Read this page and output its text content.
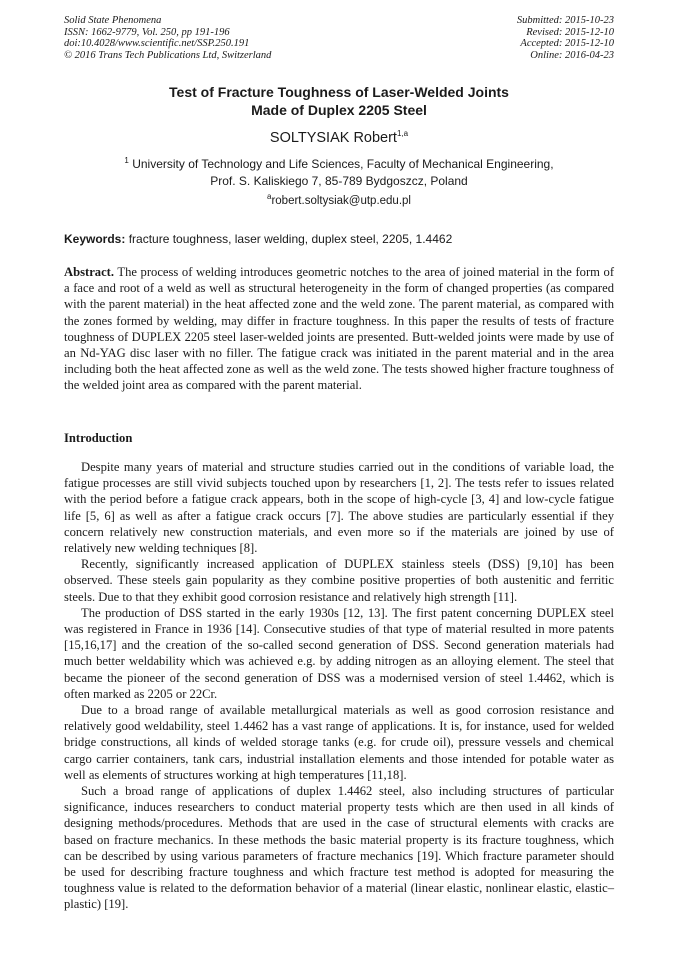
Solid State Phenomena
ISSN: 1662-9779, Vol. 250, pp 191-196
doi:10.4028/www.scientific.net/SSP.250.191
© 2016 Trans Tech Publications Ltd, Switzerland
Submitted: 2015-10-23
Revised: 2015-12-10
Accepted: 2015-12-10
Online: 2016-04-23
Test of Fracture Toughness of Laser-Welded Joints
Made of Duplex 2205 Steel
SOLTYSIAK Robert$^{1,a}$
$^1$ University of Technology and Life Sciences, Faculty of Mechanical Engineering,
Prof. S. Kaliskiego 7, 85-789 Bydgoszcz, Poland
$^a$robert.soltysiak@utp.edu.pl
Keywords: fracture toughness, laser welding, duplex steel, 2205, 1.4462

Abstract. The process of welding introduces geometric notches to the area of joined material in the form of a face and root of a weld as well as structural heterogeneity in the form of changed properties (as compared with the parent material) in the heat affected zone and the weld zone. The parent material, as compared with the zones formed by welding, may differ in fracture toughness. In this paper the results of tests of fracture toughness of DUPLEX 2205 steel laser-welded joints are presented. Butt-welded joints were made by use of an Nd-YAG disc laser with no filler. The fatigue crack was initiated in the parent material and in the area including both the heat affected zone as well as the weld zone. The tests showed higher fracture toughness of the welded joint area as compared with the parent material.

Introduction

Despite many years of material and structure studies carried out in the conditions of variable load, the fatigue processes are still vivid subjects touched upon by researchers [1, 2]. The tests refer to issues related with the period before a fatigue crack appears, both in the scope of high-cycle [3, 4] and low-cycle fatigue life [5, 6] as well as after a fatigue crack occurs [7]. The above studies are particularly essential if they concern relatively new construction materials, and even more so if the materials are joined by use of relatively new welding techniques [8].

Recently, significantly increased application of DUPLEX stainless steels (DSS) [9,10] has been observed. These steels gain popularity as they combine positive properties of both austenitic and ferritic steels. Due to that they exhibit good corrosion resistance and relatively high strength [11].

The production of DSS started in the early 1930s [12, 13]. The first patent concerning DUPLEX steel was registered in France in 1936 [14]. Consecutive studies of that type of material resulted in more patents [15,16,17] and the creation of the so-called second generation of DSS. Second generation materials had much better weldability which was achieved e.g. by adding nitrogen as an alloying element. The steel that became the pioneer of the second generation of DSS was a modernised version of steel 1.4462, which is often marked as 2205 or 22Cr.

Due to a broad range of available metallurgical materials as well as good corrosion resistance and relatively good weldability, steel 1.4462 has a vast range of applications. It is, for instance, used for welded bridge constructions, all kinds of welded storage tanks (e.g. for crude oil), pressure vessels and chemical cargo carrier containers, tank cars, industrial installation elements and those intended for potable water as well as elements of structures working at high temperatures [11,18].

Such a broad range of applications of duplex 1.4462 steel, also including structures of particular significance, induces researchers to conduct material property tests which are then used in all kinds of designing methods/procedures. Methods that are used in the case of structural elements with cracks are based on fracture mechanics. In these methods the basic material property is its fracture toughness, which can be described by using various parameters of fracture mechanics [19]. Which fracture parameter should be used for describing fracture toughness and which fracture test method is adopted for measuring the toughness value is related to the deformation behavior of a material (linear elastic, nonlinear elastic, elastic–plastic) [19].
